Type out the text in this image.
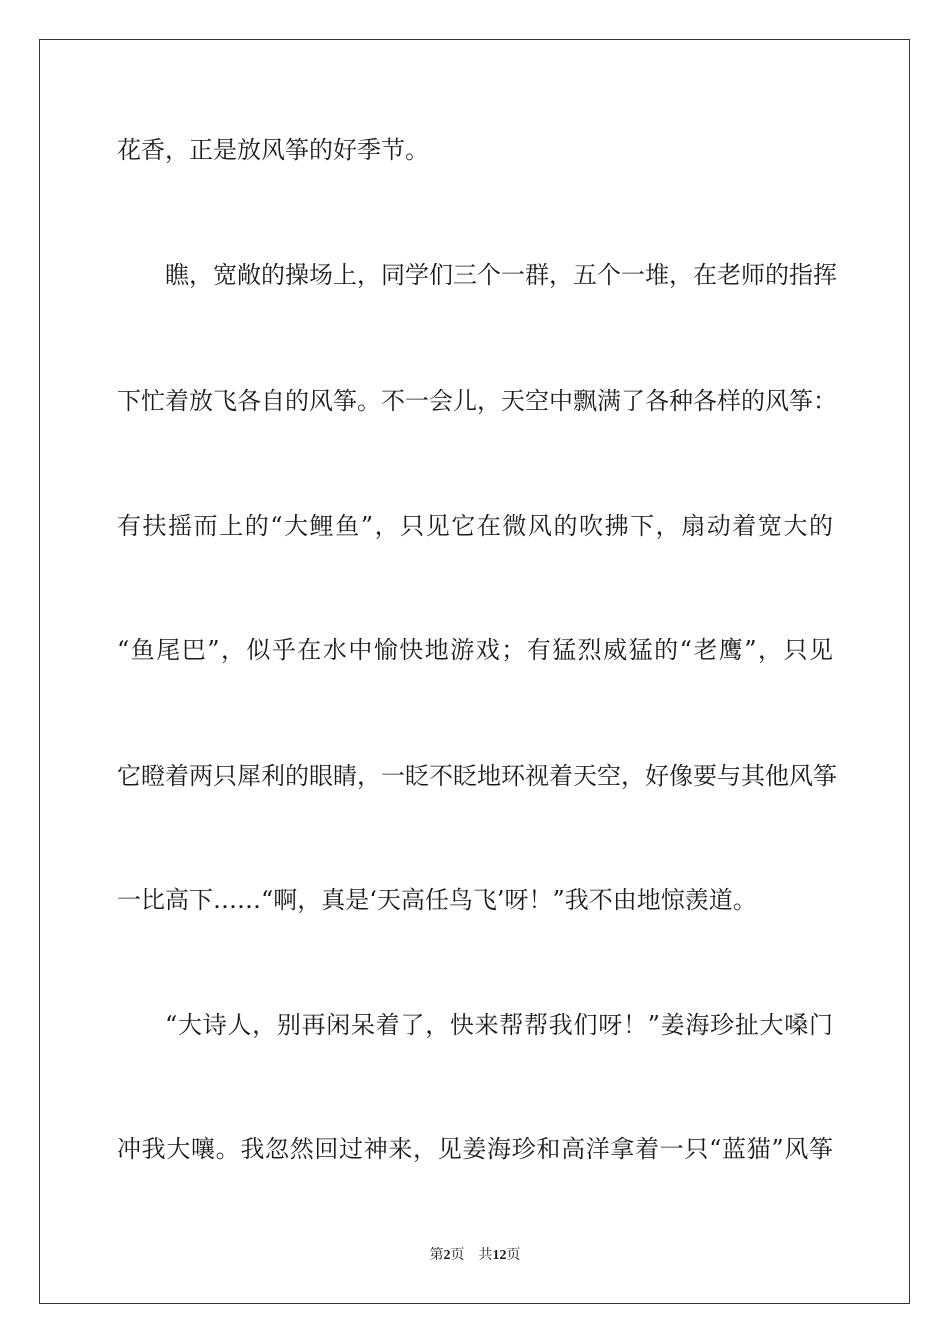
花香，正是放风筝的好季节。
瞧，宽敞的操场上，同学们三个一群，五个一堆，在老师的指挥
下忙着放飞各自的风筝。不一会儿，天空中飘满了各种各样的风筝：
有扶摇而上的“大鲤鱼”，只见它在微风的吹拂下，扇动着宽大的
“鱼尾巴”，似乎在水中愉快地游戏；有猛烈威猛的“老鹰”，只见
它瞪着两只犀利的眼睛，一眨不眨地环视着天空，好像要与其他风筝
一比高下……“啊，真是‘天高任鸟飞’呀！”我不由地惊羡道。
“大诗人，别再闲呆着了，快来帮帮我们呀！”姜海珍扯大嗓门
冲我大嚷。我忽然回过神来，见姜海珍和高洋拿着一只“蓝猫”风筝
第2页 共12页
